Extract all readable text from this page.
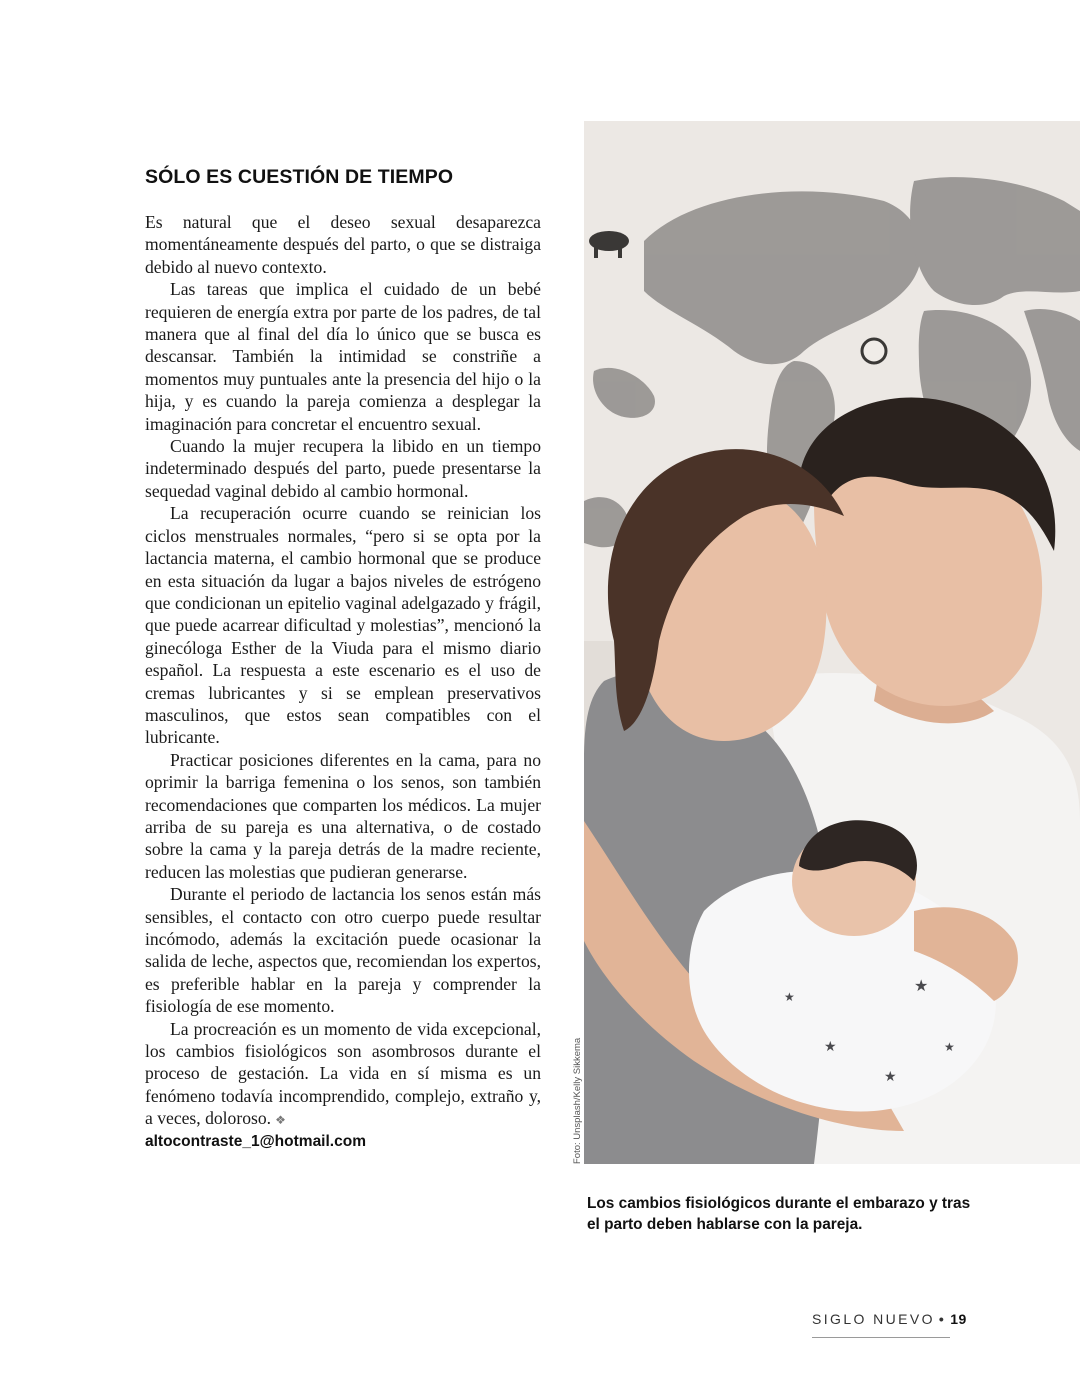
SÓLO ES CUESTIÓN DE TIEMPO

Es natural que el deseo sexual desaparezca momentáneamente después del parto, o que se distraiga debido al nuevo contexto.

Las tareas que implica el cuidado de un bebé requieren de energía extra por parte de los padres, de tal manera que al final del día lo único que se busca es descansar. También la intimidad se constriñe a momentos muy puntuales ante la presencia del hijo o la hija, y es cuando la pareja comienza a desplegar la imaginación para concretar el encuentro sexual.

Cuando la mujer recupera la libido en un tiempo indeterminado después del parto, puede presentarse la sequedad vaginal debido al cambio hormonal.

La recuperación ocurre cuando se reinician los ciclos menstruales normales, “pero si se opta por la lactancia materna, el cambio hormonal que se produce en esta situación da lugar a bajos niveles de estrógeno que condicionan un epitelio vaginal adelgazado y frágil, que puede acarrear dificultad y molestias”, mencionó la ginecóloga Esther de la Viuda para el mismo diario español. La respuesta a este escenario es el uso de cremas lubricantes y si se emplean preservativos masculinos, que estos sean compatibles con el lubricante.

Practicar posiciones diferentes en la cama, para no oprimir la barriga femenina o los senos, son también recomendaciones que comparten los médicos. La mujer arriba de su pareja es una alternativa, o de costado sobre la cama y la pareja detrás de la madre reciente, reducen las molestias que pudieran generarse.

Durante el periodo de lactancia los senos están más sensibles, el contacto con otro cuerpo puede resultar incómodo, además la excitación puede ocasionar la salida de leche, aspectos que, recomiendan los expertos, es preferible hablar en la pareja y comprender la fisiología de ese momento.

La procreación es un momento de vida excepcional, los cambios fisiológicos son asombrosos durante el proceso de gestación. La vida en sí misma es un fenómeno todavía incomprendido, complejo, extraño y, a veces, doloroso. ❖

altocontraste_1@hotmail.com
★
★
★
★
★
Foto: Unsplash/Kelly Sikkema
Los cambios fisiológicos durante el embarazo y tras el parto deben hablarse con la pareja.
SIGLO NUEVO • 19
